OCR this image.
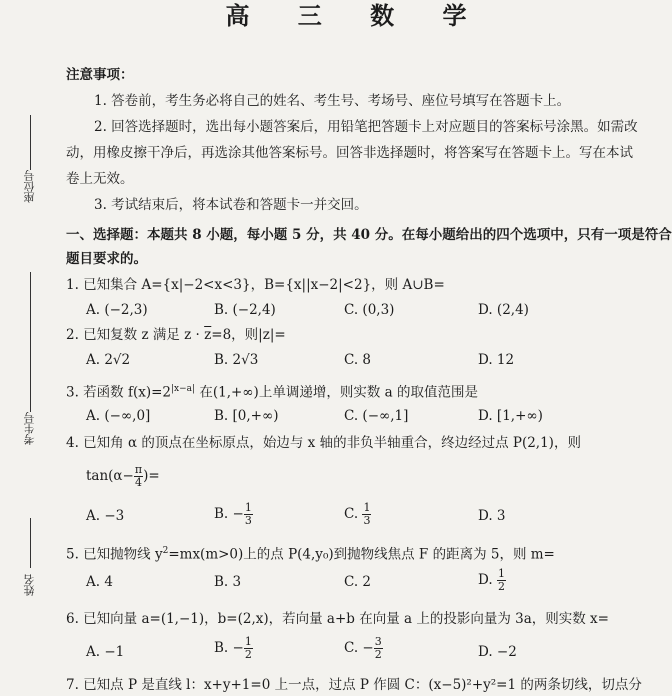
高 三 数 学
注意事项：
1. 答卷前，考生务必将自己的姓名、考生号、考场号、座位号填写在答题卡上。
2. 回答选择题时，选出每小题答案后，用铅笔把答题卡上对应题目的答案标号涂黑。如需改
动，用橡皮擦干净后，再选涂其他答案标号。回答非选择题时，将答案写在答题卡上。写在本试
卷上无效。
3. 考试结束后，将本试卷和答题卡一并交回。
一、选择题：本题共 8 小题，每小题 5 分，共 40 分。在每小题给出的四个选项中，只有一项是符合
题目要求的。
座位号
考生号
姓名
1. 已知集合 A={x|−2<x<3}，B={x||x−2|<2}，则 A∪B=
A. (−2,3)	B. (−2,4)	C. (0,3)	D. (2,4)
2. 已知复数 z 满足 $z \cdot \overline{z}=8$，则|z|=
A. 2√2	B. 2√3	C. 8	D. 12
3. 若函数 $f(x)=2^{|x-a|}$ 在(1,+∞)上单调递增，则实数 a 的取值范围是
A. (−∞,0]	B. [0,+∞)	C. (−∞,1]	D. [1,+∞)
4. 已知角 α 的顶点在坐标原点，始边与 x 轴的非负半轴重合，终边经过点 P(2,1)，则
$\tan(\alpha- \frac{\pi}{4}$ )=
A. −3	B. − $\frac{1}{3}$	C. $\frac{1}{3}$	D. 3
5. 已知抛物线 $y^2=mx(m>0)$上的点 P(4,y₀)到抛物线焦点 F 的距离为 5，则 m=
A. 4	B. 3	C. 2	D. $\frac{1}{2}$
6. 已知向量 a=(1,−1)，b=(2,x)，若向量 a+b 在向量 a 上的投影向量为 3a，则实数 x=
A. −1	B. − $\frac{1}{2}$	C. − $\frac{3}{2}$	D. −2
7. 已知点 P 是直线 l：x+y+1=0 上一点，过点 P 作圆 C：(x−5)²+y²=1 的两条切线，切点分
